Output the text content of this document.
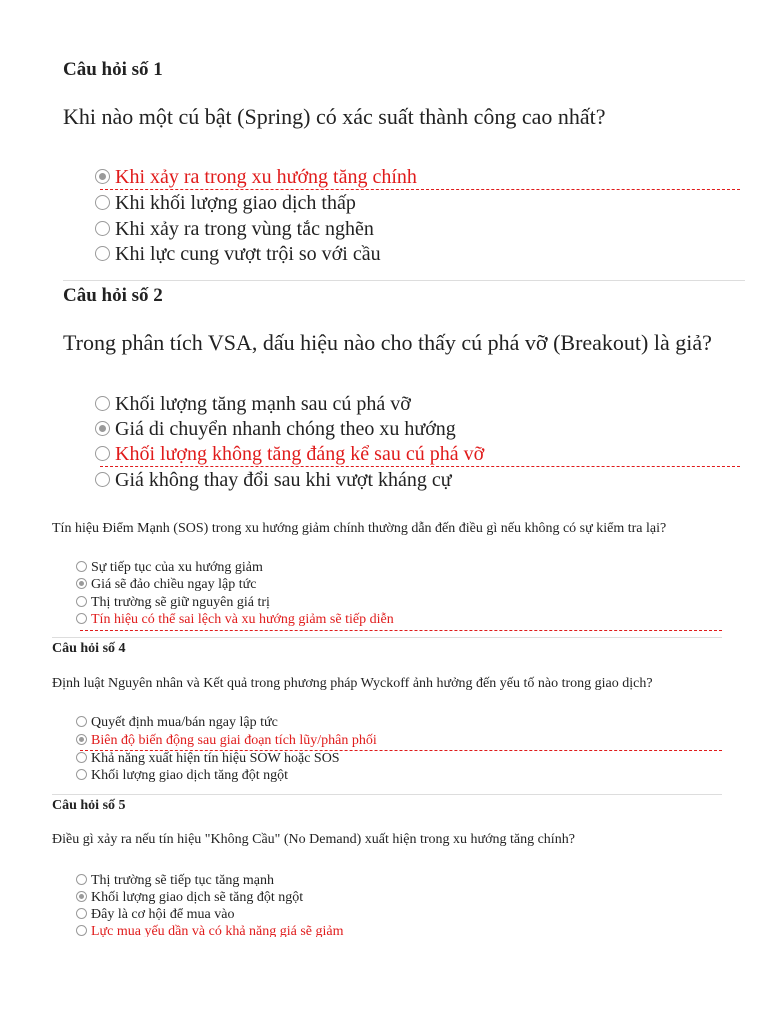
Câu hỏi số 1
Khi nào một cú bật (Spring) có xác suất thành công cao nhất?
Khi xảy ra trong xu hướng tăng chính
Khi khối lượng giao dịch thấp
Khi xảy ra trong vùng tắc nghẽn
Khi lực cung vượt trội so với cầu
Câu hỏi số 2
Trong phân tích VSA, dấu hiệu nào cho thấy cú phá vỡ (Breakout) là giả?
Khối lượng tăng mạnh sau cú phá vỡ
Giá di chuyển nhanh chóng theo xu hướng
Khối lượng không tăng đáng kể sau cú phá vỡ
Giá không thay đổi sau khi vượt kháng cự
Tín hiệu Điểm Mạnh (SOS) trong xu hướng giảm chính thường dẫn đến điều gì nếu không có sự kiểm tra lại?
Sự tiếp tục của xu hướng giảm
Giá sẽ đảo chiều ngay lập tức
Thị trường sẽ giữ nguyên giá trị
Tín hiệu có thể sai lệch và xu hướng giảm sẽ tiếp diễn
Câu hỏi số 4
Định luật Nguyên nhân và Kết quả trong phương pháp Wyckoff ảnh hưởng đến yếu tố nào trong giao dịch?
Quyết định mua/bán ngay lập tức
Biên độ biến động sau giai đoạn tích lũy/phân phối
Khả năng xuất hiện tín hiệu SOW hoặc SOS
Khối lượng giao dịch tăng đột ngột
Câu hỏi số 5
Điều gì xảy ra nếu tín hiệu "Không Cầu" (No Demand) xuất hiện trong xu hướng tăng chính?
Thị trường sẽ tiếp tục tăng mạnh
Khối lượng giao dịch sẽ tăng đột ngột
Đây là cơ hội để mua vào
Lực mua yếu dần và có khả năng giá sẽ giảm
